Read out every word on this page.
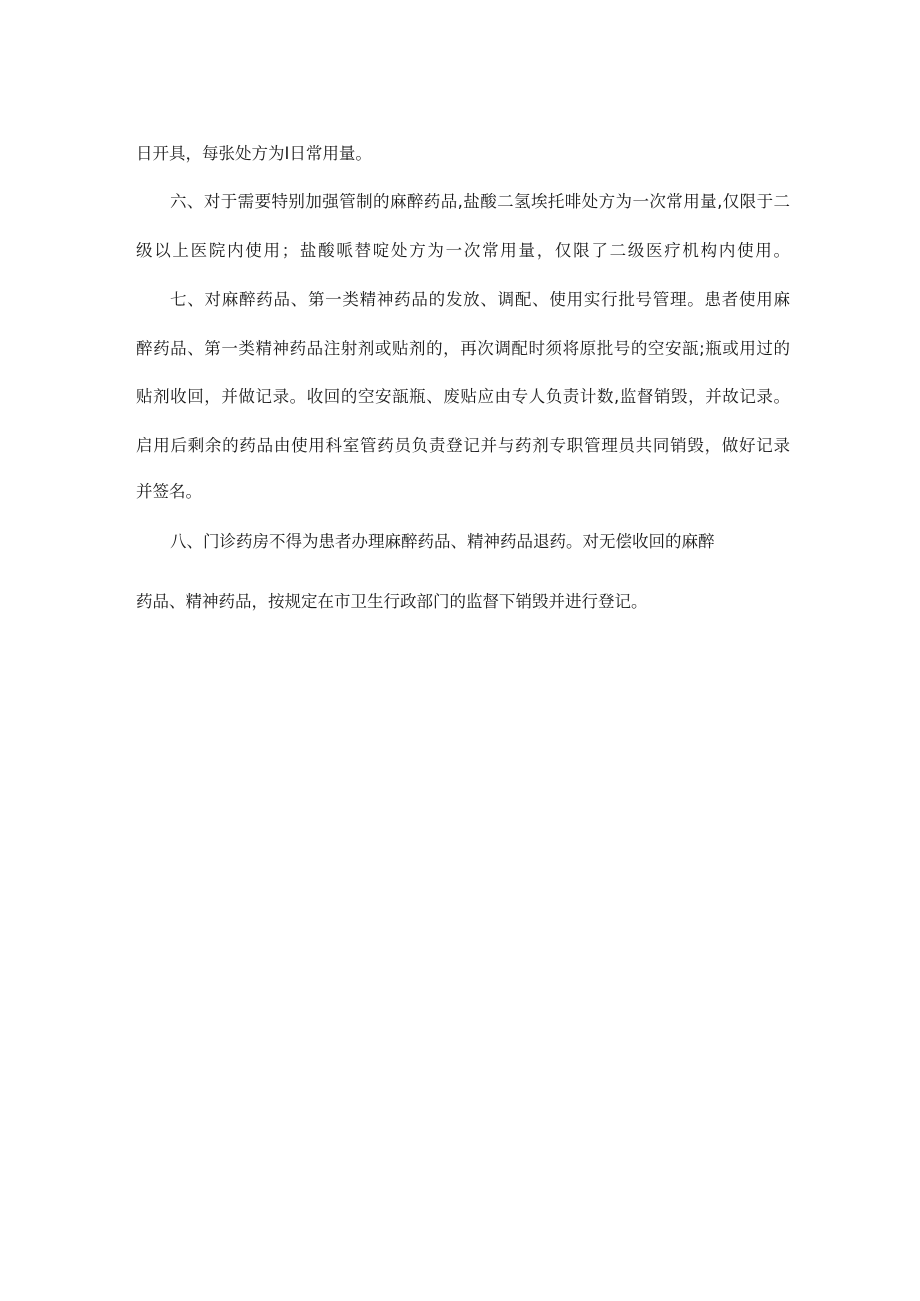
日开具，每张处方为Ⅰ日常用量。

六、对于需要特别加强管制的麻醉药品,盐酸二氢埃托啡处方为一次常用量,仅限于二

级以上医院内使用；盐酸哌替啶处方为一次常用量，仅限了二级医疗机构内使用。

七、对麻醉药品、第一类精神药品的发放、调配、使用实行批号管理。患者使用麻

醉药品、第一类精神药品注射剂或贴剂的，再次调配时须将原批号的空安瓿;瓶或用过的

贴剂收回，并做记录。收回的空安瓿瓶、废贴应由专人负责计数,监督销毁，并故记录。

启用后剩余的药品由使用科室管药员负责登记并与药剂专职管理员共同销毁，做好记录

并签名。

八、门诊药房不得为患者办理麻醉药品、精神药品退药。对无偿收回的麻醉

药品、精神药品，按规定在市卫生行政部门的监督下销毁并进行登记。
